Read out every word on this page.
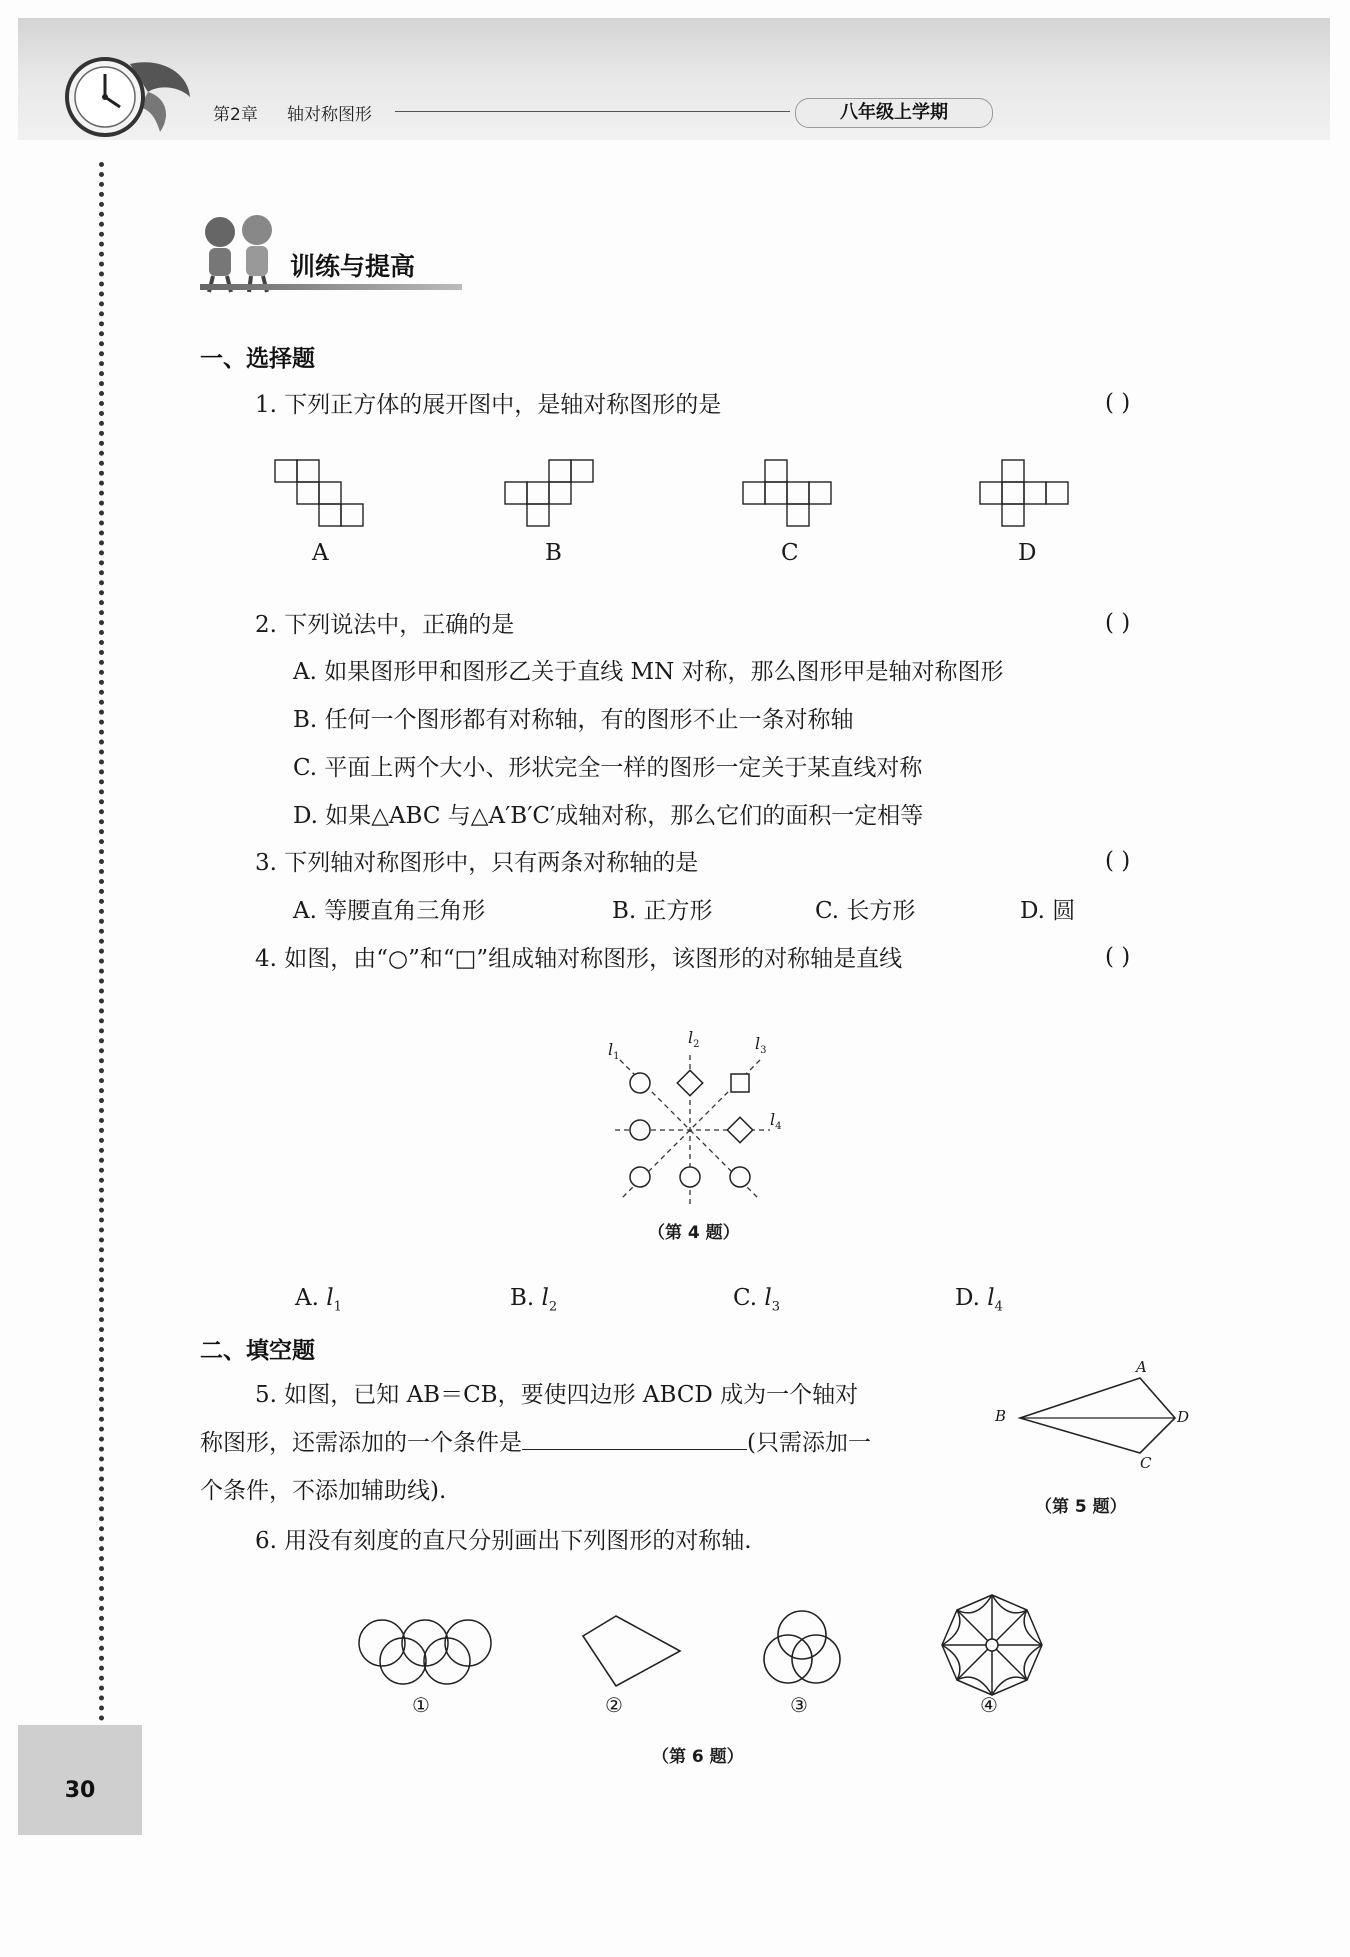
第2章 轴对称图形	八年级上学期
训练与提高
一、选择题
1. 下列正方体的展开图中，是轴对称图形的是	( )
A	B	C	D
2. 下列说法中，正确的是	( )
A. 如果图形甲和图形乙关于直线 MN 对称，那么图形甲是轴对称图形
B. 任何一个图形都有对称轴，有的图形不止一条对称轴
C. 平面上两个大小、形状完全一样的图形一定关于某直线对称
D. 如果△ABC 与△A′B′C′成轴对称，那么它们的面积一定相等
3. 下列轴对称图形中，只有两条对称轴的是	( )
A. 等腰直角三角形	B. 正方形	C. 长方形	D. 圆
4. 如图，由“○”和“□”组成轴对称图形，该图形的对称轴是直线	( )
$l_1$
$l_2$	$l_3$
$l_4$
（第 4 题）
A. $l_1$	B. $l_2$	C. $l_3$	D. $l_4$
二、填空题
5. 如图，已知 AB＝CB，要使四边形 ABCD 成为一个轴对
称图形，还需添加的一个条件是	(只需添加一
个条件，不添加辅助线).
A
B
C
D
（第 5 题）
6. 用没有刻度的直尺分别画出下列图形的对称轴.
①	②	③	④
（第 6 题）
30
